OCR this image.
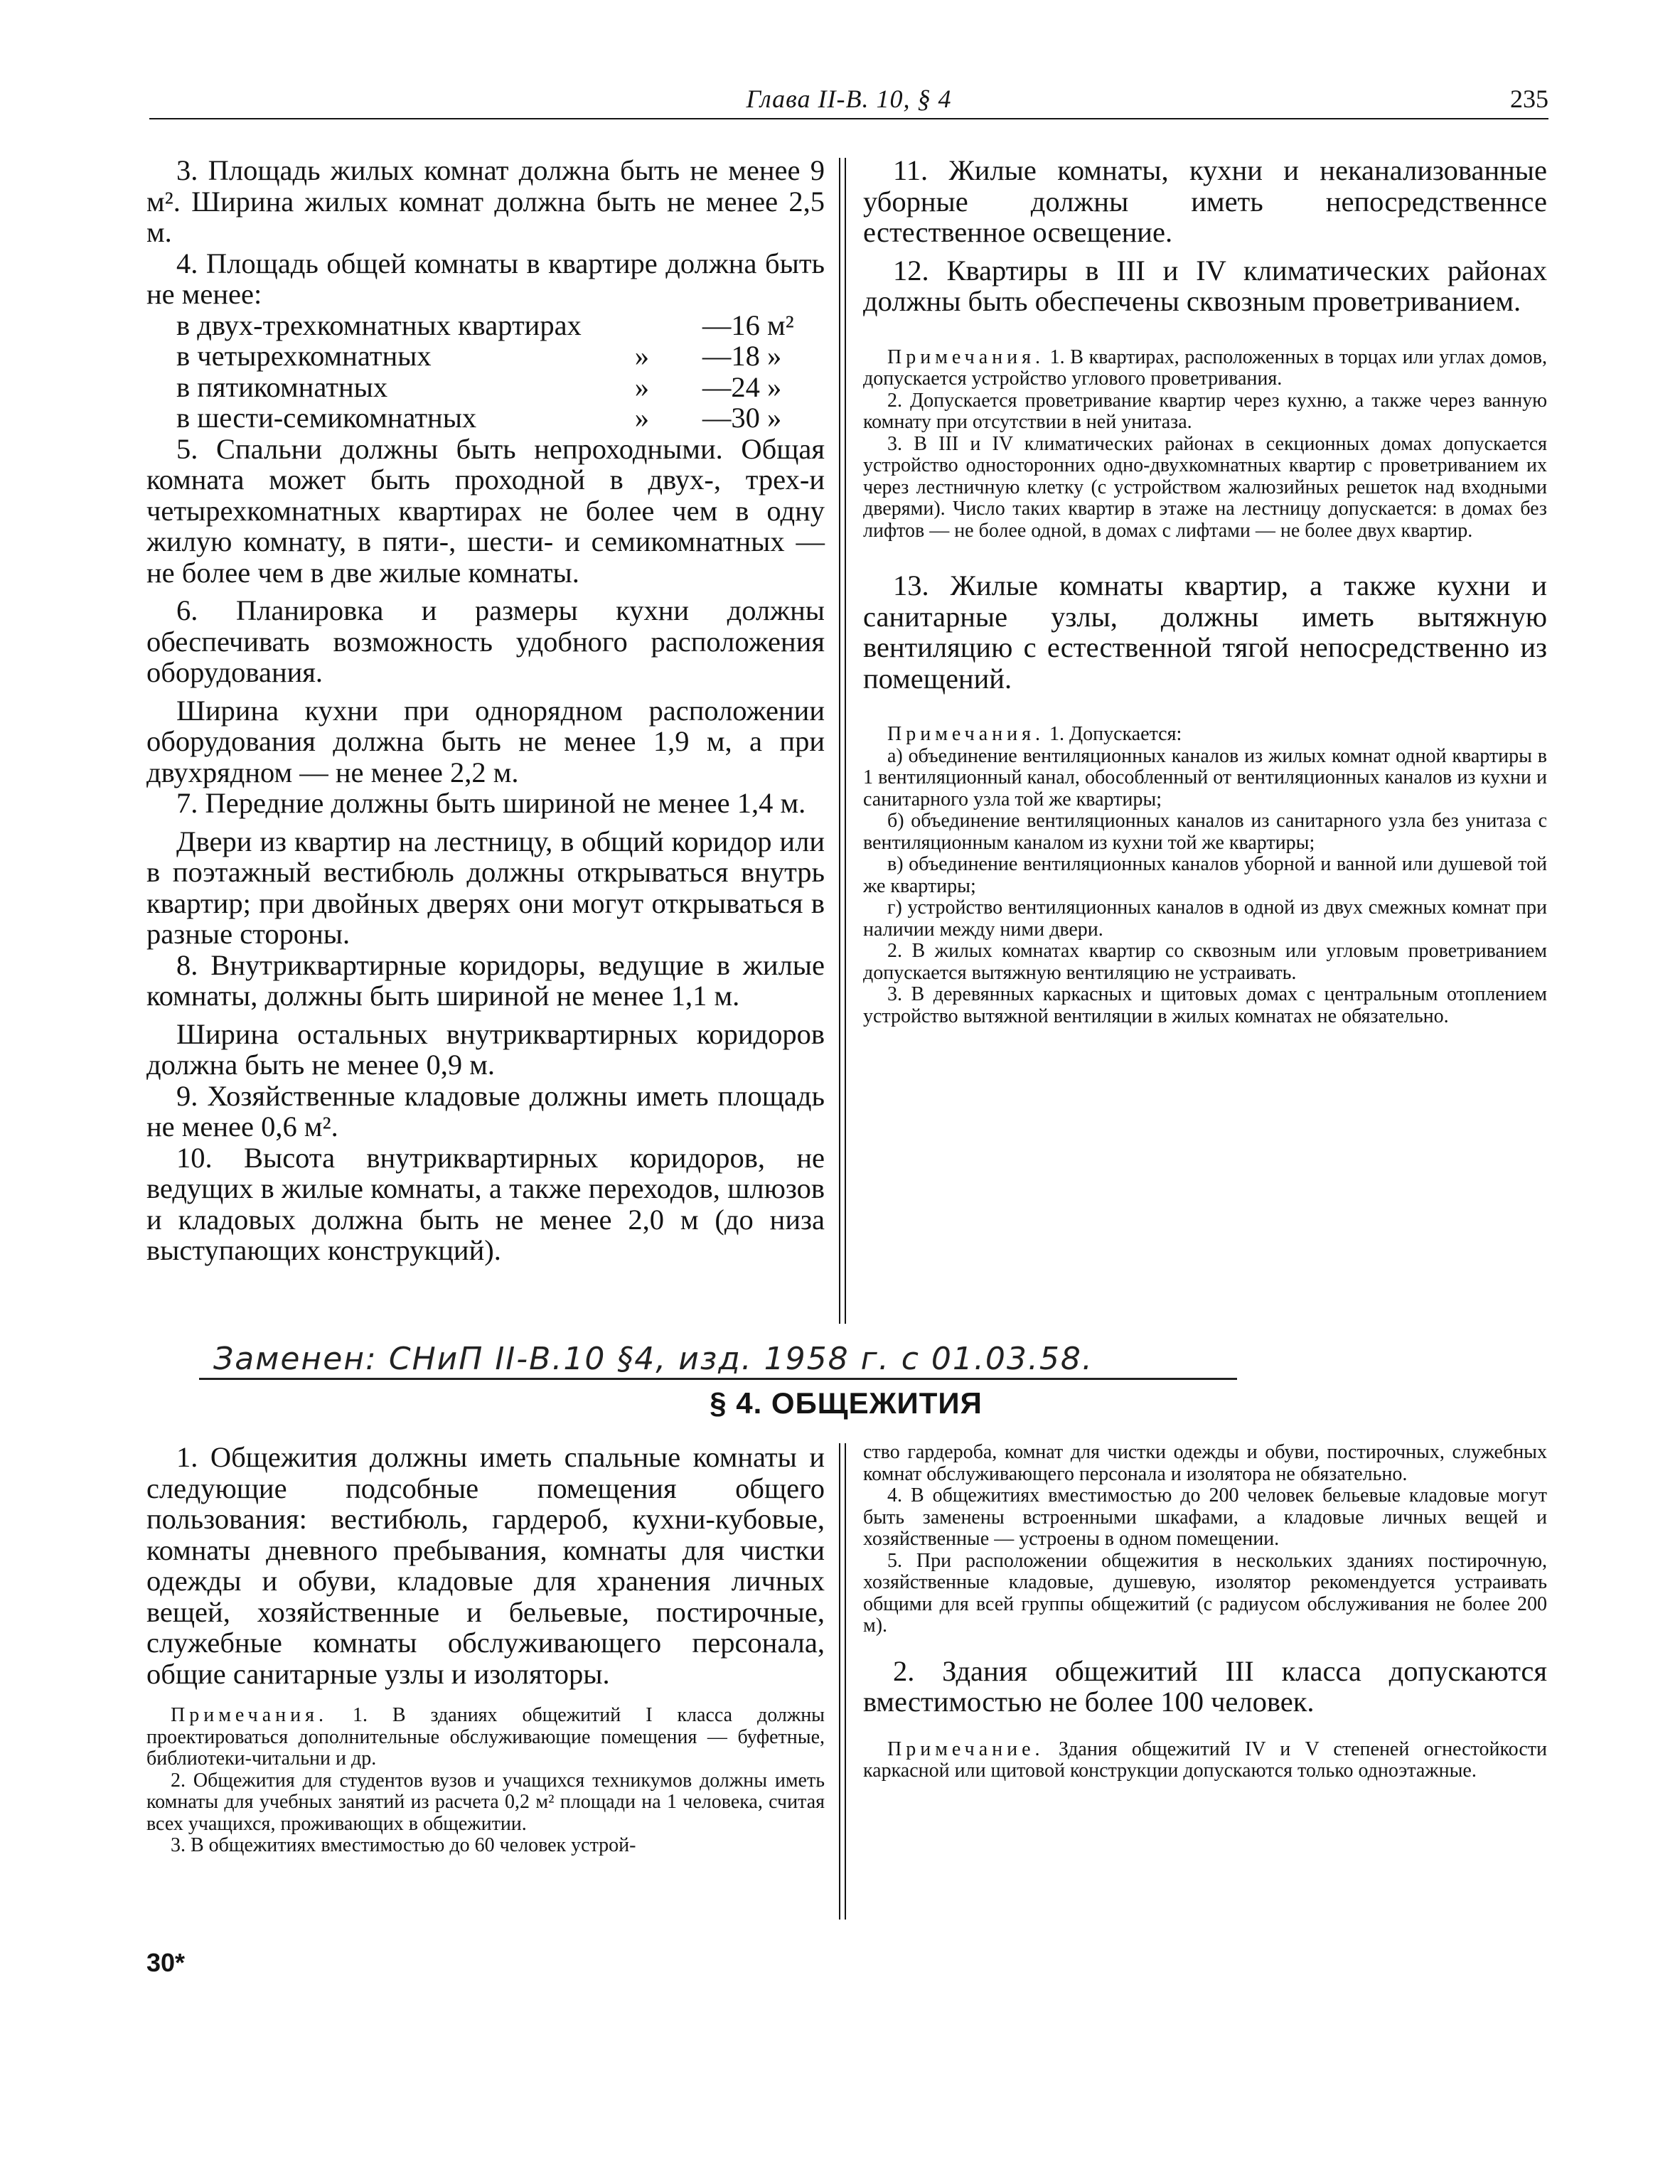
Глава II-В. 10, § 4	235

3. Площадь жилых комнат должна быть не менее 9 м². Ширина жилых комнат должна быть не менее 2,5 м.

4. Площадь общей комнаты в квартире должна быть не менее:

в двух-трехкомнатных квартирах		—16 м²
в четырехкомнатных	»	—18 »
в пятикомнатных	»	—24 »
в шести-семикомнатных	»	—30 »

5. Спальни должны быть непроходными. Общая комната может быть проходной в двух-, трех-и четырехкомнатных квартирах не более чем в одну жилую комнату, в пяти-, шести- и семикомнатных — не более чем в две жилые комнаты.

6. Планировка и размеры кухни должны обеспечивать возможность удобного расположения оборудования.

Ширина кухни при однорядном расположении оборудования должна быть не менее 1,9 м, а при двухрядном — не менее 2,2 м.

7. Передние должны быть шириной не менее 1,4 м.

Двери из квартир на лестницу, в общий коридор или в поэтажный вестибюль должны открываться внутрь квартир; при двойных дверях они могут открываться в разные стороны.

8. Внутриквартирные коридоры, ведущие в жилые комнаты, должны быть шириной не менее 1,1 м.

Ширина остальных внутриквартирных коридоров должна быть не менее 0,9 м.

9. Хозяйственные кладовые должны иметь площадь не менее 0,6 м².

10. Высота внутриквартирных коридоров, не ведущих в жилые комнаты, а также переходов, шлюзов и кладовых должна быть не менее 2,0 м (до низа выступающих конструкций).

11. Жилые комнаты, кухни и неканализованные уборные должны иметь непосредственнсе естественное освещение.

12. Квартиры в III и IV климатических районах должны быть обеспечены сквозным проветриванием.

Примечания. 1. В квартирах, расположенных в торцах или углах домов, допускается устройство углового проветривания.

2. Допускается проветривание квартир через кухню, а также через ванную комнату при отсутствии в ней унитаза.

3. В III и IV климатических районах в секционных домах допускается устройство односторонних одно-двухкомнатных квартир с проветриванием их через лестничную клетку (с устройством жалюзийных решеток над входными дверями). Число таких квартир в этаже на лестницу допускается: в домах без лифтов — не более одной, в домах с лифтами — не более двух квартир.

13. Жилые комнаты квартир, а также кухни и санитарные узлы, должны иметь вытяжную вентиляцию с естественной тягой непосредственно из помещений.

Примечания. 1. Допускается:

а) объединение вентиляционных каналов из жилых комнат одной квартиры в 1 вентиляционный канал, обособленный от вентиляционных каналов из кухни и санитарного узла той же квартиры;

б) объединение вентиляционных каналов из санитарного узла без унитаза с вентиляционным каналом из кухни той же квартиры;

в) объединение вентиляционных каналов уборной и ванной или душевой той же квартиры;

г) устройство вентиляционных каналов в одной из двух смежных комнат при наличии между ними двери.

2. В жилых комнатах квартир со сквозным или угловым проветриванием допускается вытяжную вентиляцию не устраивать.

3. В деревянных каркасных и щитовых домах с центральным отоплением устройство вытяжной вентиляции в жилых комнатах не обязательно.

Заменен: СНиП II-В.10 §4, изд. 1958 г. с 01.03.58.
§ 4. ОБЩЕЖИТИЯ

1. Общежития должны иметь спальные комнаты и следующие подсобные помещения общего пользования: вестибюль, гардероб, кухни-кубовые, комнаты дневного пребывания, комнаты для чистки одежды и обуви, кладовые для хранения личных вещей, хозяйственные и бельевые, постирочные, служебные комнаты обслуживающего персонала, общие санитарные узлы и изоляторы.

Примечания. 1. В зданиях общежитий I класса должны проектироваться дополнительные обслуживающие помещения — буфетные, библиотеки-читальни и др.

2. Общежития для студентов вузов и учащихся техникумов должны иметь комнаты для учебных занятий из расчета 0,2 м² площади на 1 человека, считая всех учащихся, проживающих в общежитии.

3. В общежитиях вместимостью до 60 человек устрой-

ство гардероба, комнат для чистки одежды и обуви, постирочных, служебных комнат обслуживающего персонала и изолятора не обязательно.

4. В общежитиях вместимостью до 200 человек бельевые кладовые могут быть заменены встроенными шкафами, а кладовые личных вещей и хозяйственные — устроены в одном помещении.

5. При расположении общежития в нескольких зданиях постирочную, хозяйственные кладовые, душевую, изолятор рекомендуется устраивать общими для всей группы общежитий (с радиусом обслуживания не более 200 м).

2. Здания общежитий III класса допускаются вместимостью не более 100 человек.

Примечание. Здания общежитий IV и V степеней огнестойкости каркасной или щитовой конструкции допускаются только одноэтажные.

30*
